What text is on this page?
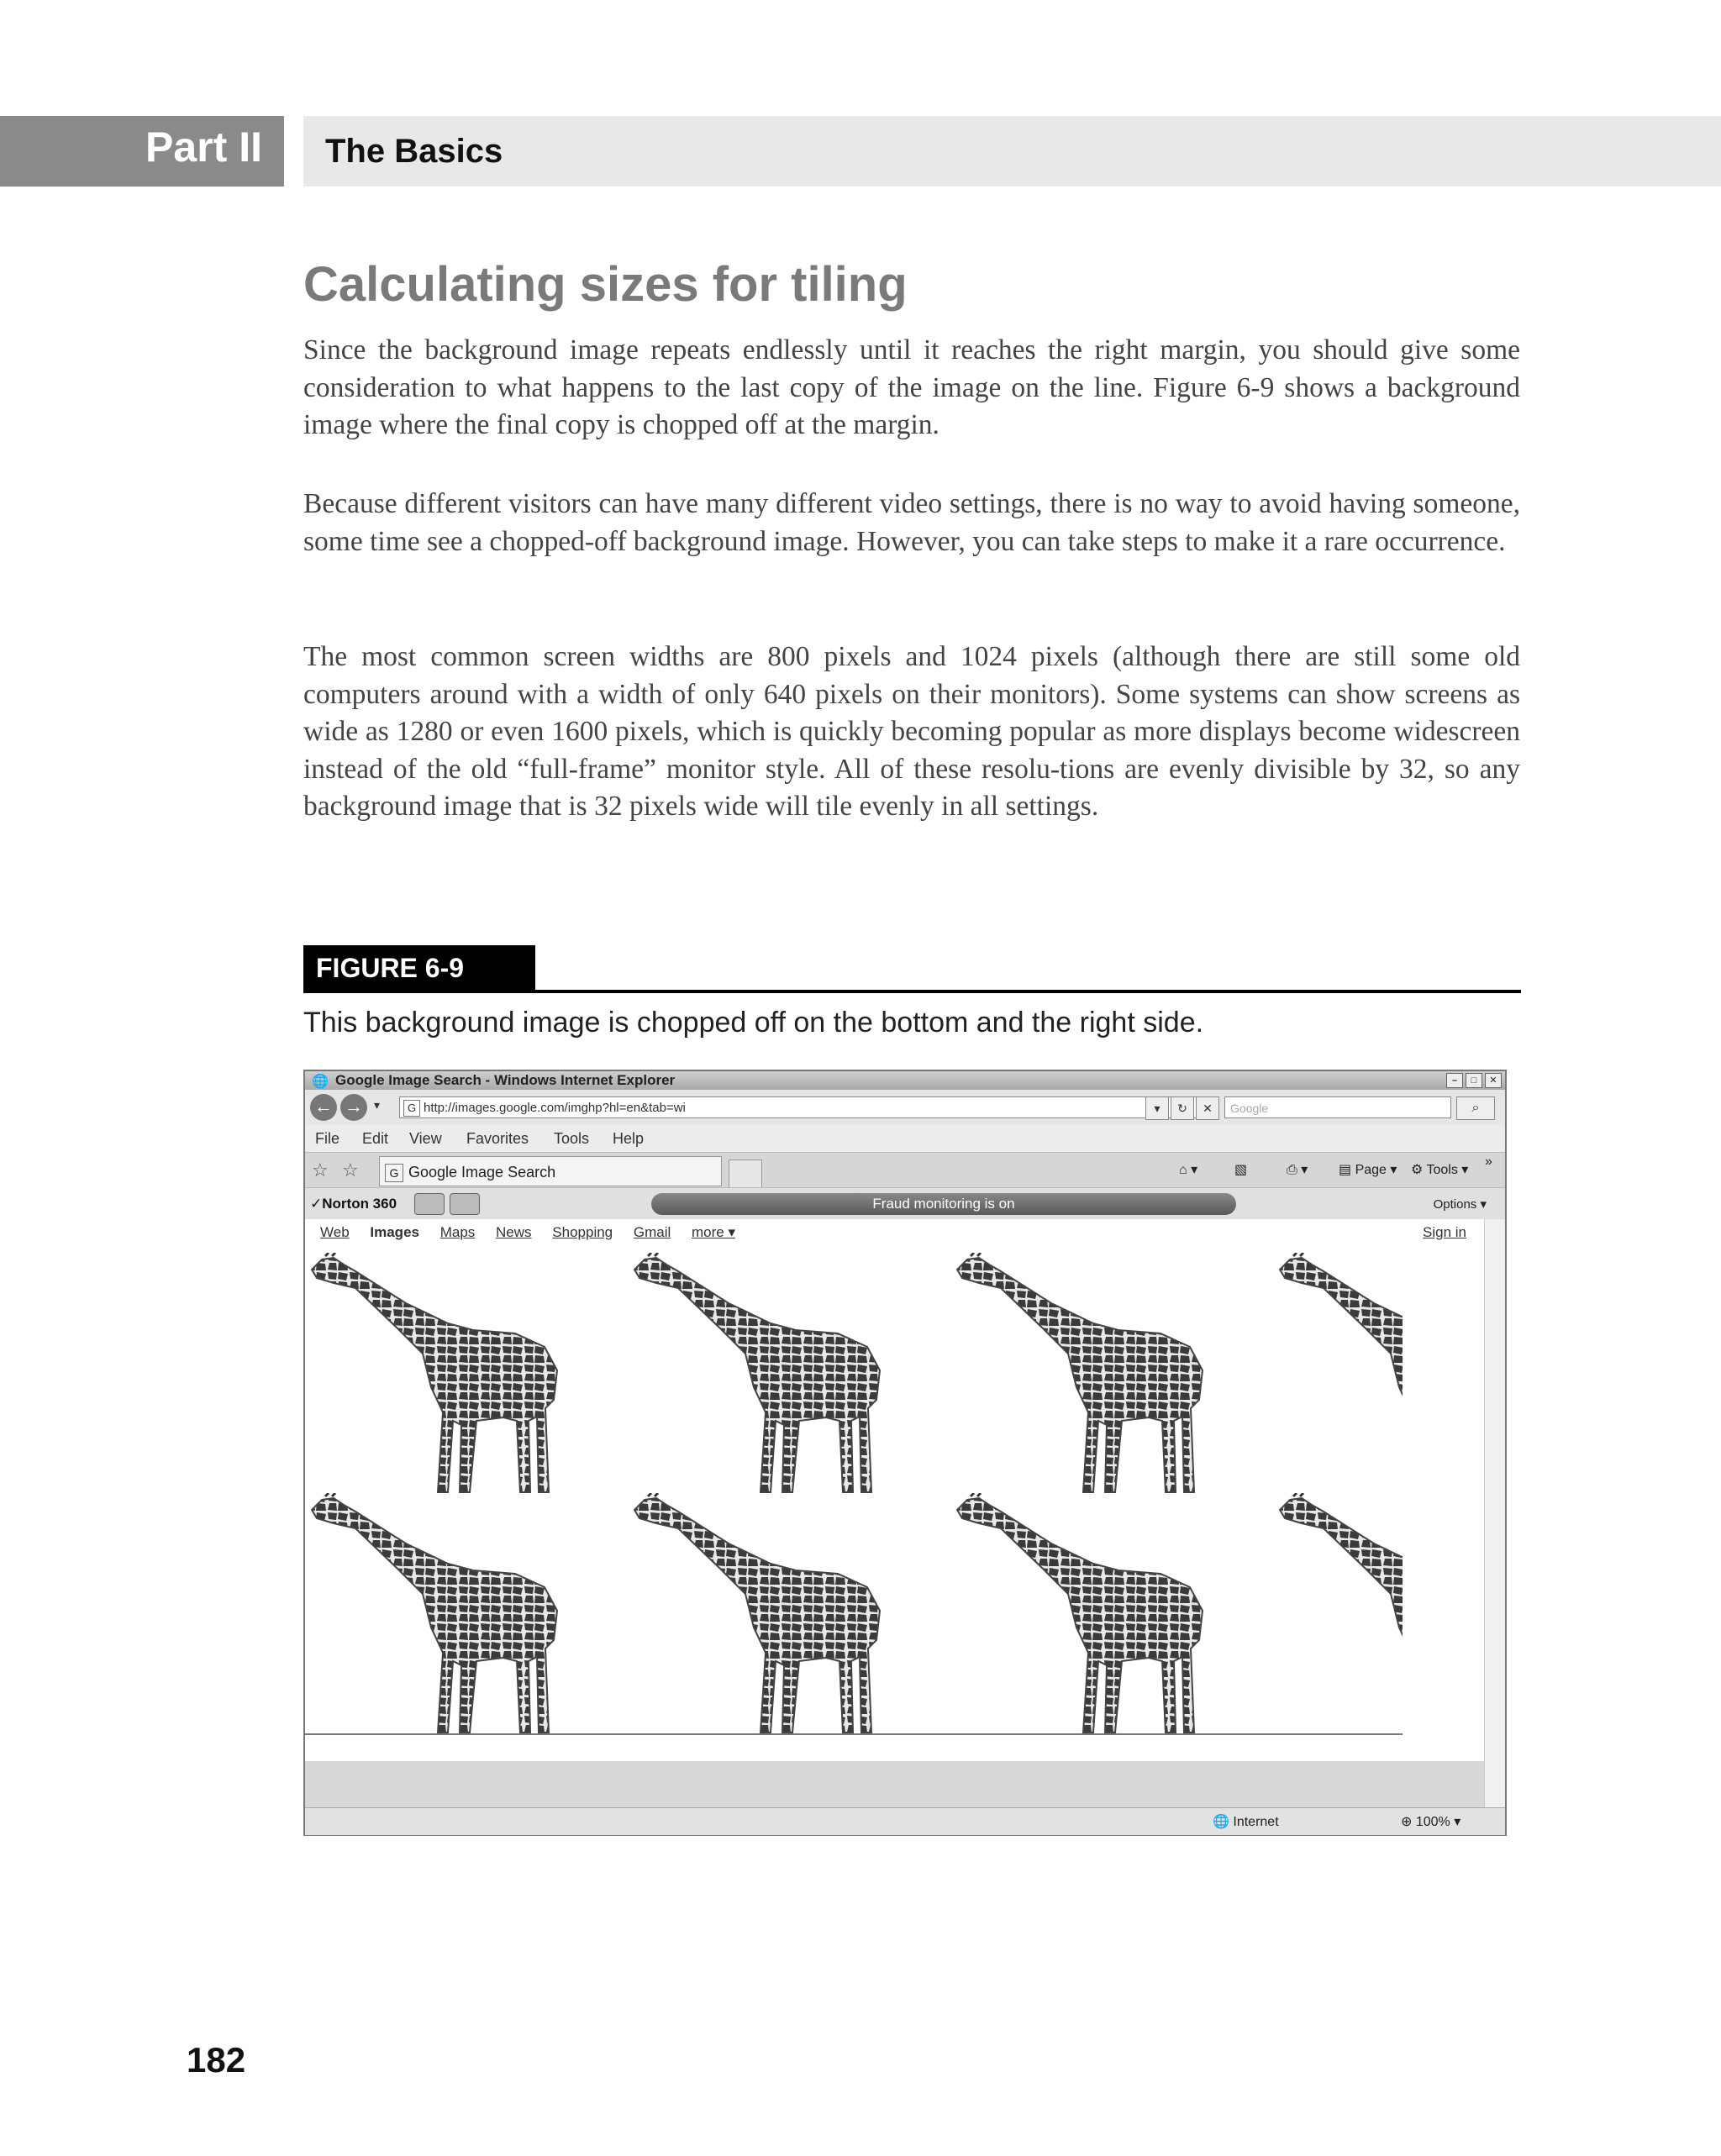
Part II The Basics
Calculating sizes for tiling

Since the background image repeats endlessly until it reaches the right margin, you should give some consideration to what happens to the last copy of the image on the line. Figure 6-9 shows a background image where the final copy is chopped off at the margin.

Because different visitors can have many different video settings, there is no way to avoid having someone, some time see a chopped-off background image. However, you can take steps to make it a rare occurrence.

The most common screen widths are 800 pixels and 1024 pixels (although there are still some old computers around with a width of only 640 pixels on their monitors). Some systems can show screens as wide as 1280 or even 1600 pixels, which is quickly becoming popular as more displays become widescreen instead of the old “full-frame” monitor style. All of these resolu-tions are evenly divisible by 32, so any background image that is 32 pixels wide will tile evenly in all settings.

FIGURE 6-9

This background image is chopped off on the bottom and the right side.

🌐 Google Image Search - Windows Internet Explorer	–	□	✕
← → ▾	G http://images.google.com/imghp?hl=en&tab=wi	▾	↻	✕	Google	⌕
File Edit View Favorites Tools Help
☆ ☆	G Google Image Search	⌂ ▾	▧	⎙ ▾ ▤ Page ▾ ⚙ Tools ▾
»
✓Norton 360	Fraud monitoring is on	Options ▾
Web Images Maps News Shopping Gmail more ▾	Sign in
🌐 Internet	⊕ 100% ▾

182
